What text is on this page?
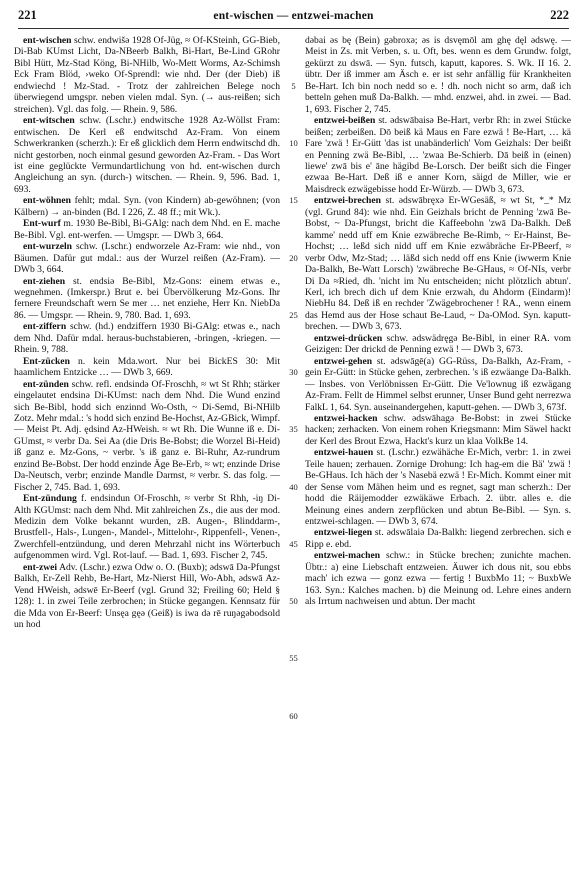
221	ent-wischen — entzwei-machen	222

ent-wischen schw. endwišə 1928 Of-Jüg, ≈ Of-KSteinh, GG-Bieb, Di-Bab KUmst Licht, Da-NBeerb Balkh, Bi-Hart, Be-Lind GRohr Bibl Hütt, Mz-Stad Köng, Bi-NHilb, Wo-Mett Worms, Az-Schimsh Eck Fram Blöd, ›weko Of-Sprendl: wie nhd. Der (der Dieb) iß endwiechd ! Mz-Stad. - Trotz der zahlreichen Belege noch überwiegend umgspr. neben vielen mdal. Syn. (→ aus-reißen; sich streichen). Vgl. das folg. — Rhein. 9, 586.

ent-witschen schw. (Lschr.) endwitsche 1928 Az-Wöllst Fram: entwischen. De Kerl eß endwitschd Az-Fram. Von einem Schwerkranken (scherzh.): Er eß glicklich dem Herrn endwitschd dh. nicht gestorben, noch einmal gesund geworden Az-Fram. - Das Wort ist eine geglückte Vermundartlichung von hd. ent-wischen durch Angleichung an syn. (durch-) witschen. — Rhein. 9, 596. Bad. 1, 693.

ent-wöhnen fehlt; mdal. Syn. (von Kindern) ab-gewöhnen; (von Kälbern) → an-binden (Bd. I 226, Z. 48 ff.; mit Wk.).

Ent-wurf m. 1930 Be-Bibl, Bi-GAlg: nach dem Nhd. en E. mache Be-Bibl. Vgl. ent-werfen. — Umgspr. — DWb 3, 664.

ent-wurzeln schw. (Lschr.) endworzele Az-Fram: wie nhd., von Bäumen. Dafür gut mdal.: aus der Wurzel reißen (Az-Fram). — DWb 3, 664.

ent-ziehen st. endsiə Be-Bibl, Mz-Gons: einem etwas e., wegnehmen. (Imkerspr.) Brut e. bei Übervölkerung Mz-Gons. Ihr fernere Freundschaft wern Se mer … net enziehe, Herr Kn. NiebDa 86. — Umgspr. — Rhein. 9, 780. Bad. 1, 693.

ent-ziffern schw. (hd.) endziffern 1930 Bi-GAlg: etwas e., nach dem Nhd. Dafür mdal. heraus-buchstabieren, -bringen, -kriegen. — Rhein. 9, 788.

Ent-zücken n. kein Mda.wort. Nur bei BickES 30: Mit haamlichem Entzicke … — DWb 3, 669.

ent-zünden schw. refl. endsində Of-Froschh, ≈ wt St Rhh; stärker eingelautet endsinə Di-KUmst: nach dem Nhd. Die Wund enzind sich Be-Bibl, hodd sich enzinnd Wo-Osth, ~ Di-Semd, Bi-NHilb Zotz. Mehr mdal.: 's hodd sich enzind Be-Hochst, Az-GBick, Wimpf. — Meist Pt. Adj. ędsind Az-HWeish. ≈ wt Rh. Die Wunne iß e. Di-GUmst, ≈ verbr Da. Sei Aa (die Dris Be-Bobst; die Worzel Bi-Heid) iß ganz e. Mz-Gons, ~ verbr. 's iß ganz e. Bi-Ruhr, Az-rundrum enzind Be-Bobst. Der hodd enzinde Äge Be-Erb, ≈ wt; enzinde Drise Da-Neutsch, verbr; enzinde Mandle Darmst, ≈ verbr. S. das folg. — Fischer 2, 745. Bad. 1, 693.

Ent-zündung f. endsindun Of-Froschh, ≈ verbr St Rhh, -iŋ Di-Alth KGUmst: nach dem Nhd. Mit zahlreichen Zs., die aus der mod. Medizin dem Volke bekannt wurden, zB. Augen-, Blinddarm-, Brustfell-, Hals-, Lungen-, Mandel-, Mittelohr-, Rippenfell-, Venen-, Zwerchfell-entzündung, und deren Mehrzahl nicht ins Wörterbuch aufgenommen wird. Vgl. Rot-lauf. — Bad. 1, 693. Fischer 2, 745.

ent-zwei Adv. (Lschr.) ezwa Odw o. O. (Buxb); ədswā Da-Pfungst Balkh, Er-Zell Rehb, Be-Hart, Mz-Nierst Hill, Wo-Abh, ədswā Az-Vend HWeish, ədswē Er-Beerf (vgl. Grund 32; Freiling 60; Held § 128): 1. in zwei Teile zerbrochen; in Stücke gegangen. Kennsatz für die Mda von Er-Beerf: Unsęa gęə (Geiß) is iwa də rē ruŋəgəbodsold un hod

5
10
15
20
25
30
35
40
45
50
55
60

dəbai əs bę (Bein) gəbroxə; əs is dsvęmōl am ghę dęl ədswę. — Meist in Zs. mit Verben, s. u. Oft, bes. wenn es dem Grundw. folgt, gekürzt zu dswā. — Syn. futsch, kaputt, kapores. S. Wk. II 16. 2. übtr. Der iß immer am Äsch e. er ist sehr anfällig für Krankheiten Be-Hart. Ich bin noch nedd so e. ! dh. noch nicht so arm, daß ich betteln gehen muß Da-Balkh. — mhd. enzwei, ahd. in zwei. — Bad. 1, 693. Fischer 2, 745.

entzwei-beißen st. ədswābaisə Be-Hart, verbr Rh: in zwei Stücke beißen; zerbeißen. Dō beiß kä Maus en Fare ezwä ! Be-Hart, … kä Fare 'zwä ! Er-Gütt 'das ist unabänderlich' Vom Geizhals: Der beißt en Penning zwä Be-Bibl, … 'zwaa Be-Schierb. Dā beiß in (einen) liewe' zwā bis e' āne hägibd Be-Lorsch. Der beißt sich die Finger ezwaa Be-Hart. Deß iß e anner Korn, säigd de Miller, wie er Maisdreck ezwägebisse hodd Er-Würzb. — DWb 3, 673.

entzwei-brechen st. ədswābręxə Er-WGesäß, ≈ wt St, *_* Mz (vgl. Grund 84): wie nhd. Ein Geizhals bricht de Penning 'zwā Be-Bobst, ~ Da-Pfungst, bricht die Kaffeebohn 'zwā Da-Balkh. Deß kamme' nedd uff em Knie ezwäbreche Be-Rimb, ~ Er-Hainst, Be-Hochst; … leßd sich nidd uff em Knie ezwäbräche Er-PBeerf, ≈ verbr Odw, Mz-Stad; … läßd sich nedd off ens Knie (iwwerm Knie Da-Balkh, Be-Watt Lorsch) 'zwäbreche Be-GHaus, ≈ Of-NIs, verbr Di Da ≈Ried, dh. 'nicht im Nu entscheiden; nicht plötzlich abtun'. Kerl, ich brech dich uf dem Knie erzwah, du Ahdorm (Eindarm)! NiebHu 84. Deß iß en rechder 'Zwägebrochener ! RA., wenn einem das Hemd aus der Hose schaut Be-Laud, ~ Da-OMod. Syn. kaputt-brechen. — DWb 3, 673.

entzwei-drücken schw. ədswädręgə Be-Bibl, in einer RA. vom Geizigen: Der drickd de Penning ezwä ! — DWb 3, 673.

entzwei-gehen st. ədswāgē(a) GG-Rüss, Da-Balkh, Az-Fram, -gein Er-Gütt: in Stücke gehen, zerbrechen. 's iß ezwäange Da-Balkh. — Insbes. von Verlöbnissen Er-Gütt. Die Ve'lownug iß ezwägang Az-Fram. Fellt de Himmel selbst erunner, Unser Bund geht nerrezwa FalkL 1, 64. Syn. auseinandergehen, kaputt-gehen. — DWb 3, 673f.

entzwei-hacken schw. ədswāhagə Be-Bobst: in zwei Stücke hacken; zerhacken. Von einem rohen Kriegsmann: Mim Säwel hackt der Kerl des Brout Ezwa, Hackt's kurz un klaa VolkBe 14.

entzwei-hauen st. (Lschr.) ezwähäche Er-Mich, verbr: 1. in zwei Teile hauen; zerhauen. Zornige Drohung: Ich hag-em die Bä' 'zwä ! Be-GHaus. Ich häch der 's Nasebä ezwä ! Er-Mich. Kommt einer mit der Sense vom Mähen heim und es regnet, sagt man scherzh.: Der hodd die Räijemodder ezwäkäwe Erbach. 2. übtr. alles e. die Meinung eines andern zerpflücken und abtun Be-Bibl. — Syn. s. entzwei-schlagen. — DWb 3, 674.

entzwei-liegen st. ədswālaiə Da-Balkh: liegend zerbrechen. sich e Ripp e. ebd.

entzwei-machen schw.: in Stücke brechen; zunichte machen. Übtr.: a) eine Liebschaft entzweien. Äuwer ich dous nit, sou ebbs mach' ich ezwa — gonz ezwa — fertig ! BuxbMo 11; ~ BuxbWe 163. Syn.: Kalches machen. b) die Meinung od. Lehre eines andern als Irrtum nachweisen und abtun. Der macht
